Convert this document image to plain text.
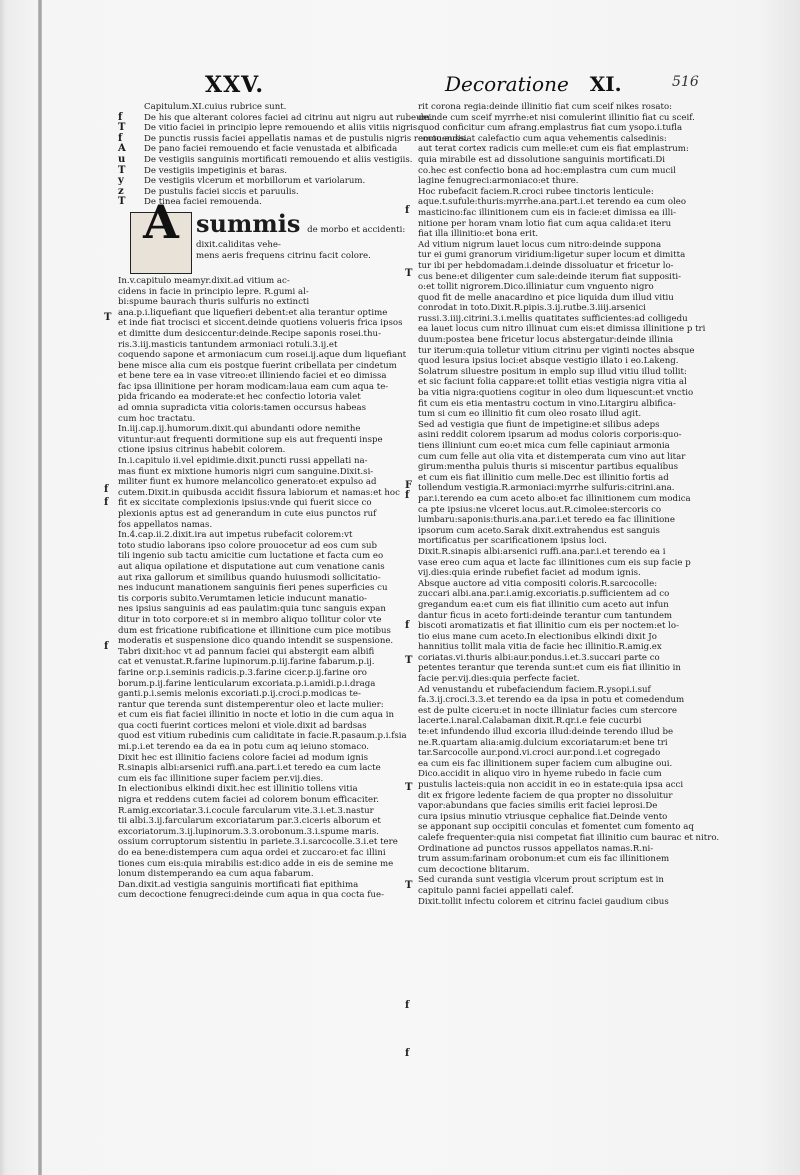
XXV.	Decoratione XI.	516
Capitulum.XI.cuius rubrice sunt.
f	De his que alterant colores faciei ad citrinu aut nigru aut rubeum.
T De vitio faciei in principio lepre remouendo et aliis vitiis nigris.
f	De punctis russis faciei appellatis namas et de pustulis nigris remouendis.
A De pano faciei remouendo et facie venustada et albificada
u De vestigiis sanguinis mortificati remouendo et aliis vestigiis.
T De vestigiis impetiginis et baras.
y De vestigiis vlcerum et morbillorum et variolarum.
z De pustulis faciei siccis et paruulis.
T De tinea faciei remouenda.
A summis de morbo et accidenti:
dixit.caliditas vehe-
mens aeris frequens citrinu facit colore.
In.v.capitulo meamyr.dixit.ad vitium ac-
cidens in facie in principio lepre. R.gumi al-
bi:spume baurach thuris sulfuris no extincti
ana.p.i.liquefiant que liquefieri debent:et alia terantur optime
et inde fiat trocisci et siccent.deinde quotiens volueris frica ipsos
et dimitte dum desiccentur:deinde.Recipe saponis rosei.thu-
ris.3.iij.masticis tantundem armoniaci rotuli.3.ij.et
coquendo sapone et armoniacum cum rosei.ij.aque dum liquefiant
bene misce alia cum eis postque fuerint cribellata per cindetum
et bene tere ea in vase vitreo:et illiniendo faciei et eo dimissa
fac ipsa illinitione per horam modicam:laua eam cum aqua te-
pida fricando ea moderate:et hec confectio lotoria valet
ad omnia supradicta vitia coloris:tamen occursus habeas
cum hoc tractatu.
In.iij.cap.ij.humorum.dixit.qui abundanti odore nemithe
vituntur:aut frequenti dormitione sup eis aut frequenti inspe
ctione ipsius citrinus habebit colorem.
In.i.capitulo ii.vel epidimie.dixit.puncti russi appellati na-
mas fiunt ex mixtione humoris nigri cum sanguine.Dixit.si-
militer fiunt ex humore melancolico generato:et expulso ad
cutem.Dixit.in quibusda accidit fissura labiorum et namas:et hoc
fit ex siccitate complexionis ipsius:vnde qui fuerit sicce co
plexionis aptus est ad generandum in cute eius punctos ruf
fos appellatos namas.
In.4.cap.ii.2.dixit.ira aut impetus rubefacit colorem:vt
toto studio laborans ipso colore prouocetur ad eos cum sub
tili ingenio sub tactu amicitie cum luctatione et facta cum eo
aut aliqua opilatione et disputatione aut cum venatione canis
aut rixa gallorum et similibus quando huiusmodi sollicitatio-
nes inducunt manationem sanguinis fieri penes superficies cu
tis corporis subito.Verumtamen leticie inducunt manatio-
nes ipsius sanguinis ad eas paulatim:quia tunc sanguis expan
ditur in toto corpore:et si in membro aliquo tollitur color vte
dum est fricatione rubificatione et illinitione cum pice motibus
moderatis et suspensione dico quando intendit se suspensione.
Tabri dixit:hoc vt ad pannum faciei qui abstergit eam albifi
cat et venustat.R.farine lupinorum.p.iij.farine fabarum.p.ij.
farine or.p.i.seminis radicis.p.3.farine cicer.p.ij.farine oro
borum.p.ij.farine lenticularum excoriata.p.i.amidi.p.i.draga
ganti.p.i.semis melonis excoriati.p.ij.croci.p.modicas te-
rantur que terenda sunt distemperentur oleo et lacte mulier:
et cum eis fiat faciei illinitio in nocte et lotio in die cum aqua in
qua cocti fuerint cortices meloni et viole.dixit ad bardsas
quod est vitium rubedinis cum caliditate in facie.R.pasaum.p.i.fsia
mi.p.i.et terendo ea da ea in potu cum aq ieiuno stomaco.
Dixit hec est illinitio faciens colore faciei ad modum ignis
R.sinapis albi:arsenici ruffi.ana.part.i.et teredo ea cum lacte
cum eis fac illinitione super faciem per.vij.dies.
In electionibus elkindi dixit.hec est illinitio tollens vitia
nigra et reddens cutem faciei ad colorem bonum efficaciter.
R.amig.excoriatar.3.i.cocule farcularum vite.3.i.et.3.nastur
tii albi.3.ij.farcularum excoriatarum par.3.ciceris alborum et
excoriatorum.3.ij.lupinorum.3.3.orobonum.3.i.spume maris.
ossium corruptorum sistentiu in pariete.3.i.sarcocolle.3.i.et tere
do ea bene:distempera cum aqua ordei et zuccaro:et fac illini
tiones cum eis:quia mirabilis est:dico adde in eis de semine me
lonum distemperando ea cum aqua fabarum.
Dan.dixit.ad vestigia sanguinis mortificati fiat epithima
cum decoctione fenugreci:deinde cum aqua in qua cocta fue-
rit corona regia:deinde illinitio fiat cum sceif nikes rosato:
deinde cum sceif myrrhe:et nisi comulerint illinitio fiat cu sceif.
quod conficitur cum afrang.emplastrus fiat cum ysopo.i.tufla
cocto:aussiat calefactio cum aqua vehementis calsedinis:
aut terat cortex radicis cum melle:et cum eis fiat emplastrum:
quia mirabile est ad dissolutione sanguinis mortificati.Di
co.hec est confectio bona ad hoc:emplastra cum cum mucil
lagine fenugreci:armoniaco:et thure.
Hoc rubefacit faciem.R.croci rubee tinctoris lenticule:
aque.t.sufule:thuris:myrrhe.ana.part.i.et terendo ea cum oleo
masticino:fac illinitionem cum eis in facie:et dimissa ea illi-
nitione per horam vnam lotio fiat cum aqua calida:et iteru
fiat illa illinitio:et bona erit.
Ad vitium nigrum lauet locus cum nitro:deinde suppona
tur ei gumi granorum viridium:ligetur super locum et dimitta
tur ibi per hebdomadam.i.deinde dissoluatur et fricetur lo-
cus bene:et diligenter cum sale:deinde iterum fiat suppositi-
o:et tollit nigrorem.Dico.illiniatur cum vnguento nigro
quod fit de melle anacardino et pice liquida dum illud vitiu
conrodat in toto.Dixit.R.pipis.3.ij.rutbe.3.iiij.arsenici
russi.3.iiij.citrini.3.i.mellis quatitates sufficientes:ad colligedu
ea lauet locus cum nitro illinuat cum eis:et dimissa illinitione p tri
duum:postea bene fricetur locus abstergatur:deinde illinia
tur iterum:quia tolletur vitium citrinu per viginti noctes absque
quod lesura ipsius loci:et absque vestigio illato i eo.Lakeng.
Solatrum siluestre positum in emplo sup illud vitiu illud tollit:
et sic faciunt folia cappare:et tollit etias vestigia nigra vitia al
ba vitia nigra:quotiens cogitur in oleo dum liquescunt:et vnctio
fit cum eis etia mentastru coctum in vino.Litargiru albifica-
tum si cum eo illinitio fit cum oleo rosato illud agit.
Sed ad vestigia que fiunt de impetigine:et silibus adeps
asini reddit colorem ipsarum ad modus coloris corporis:quo-
tiens illiniunt cum eo:et mica cum felle capiniaut armonia
cum cum felle aut olia vita et distemperata cum vino aut litar
girum:mentha puluis thuris si miscentur partibus equalibus
et cum eis fiat illinitio cum melle.Dec est illinitio fortis ad
tollendum vestigia.R.armoniaci:myrrhe sulfuris:citrini.ana.
par.i.terendo ea cum aceto albo:et fac illinitionem cum modica
ca pte ipsius:ne vlceret locus.aut.R.cimolee:stercoris co
lumbaru:saponis:thuris.ana.par.i.et teredo ea fac illinitione
ipsorum cum aceto.Sarak dixit.extrahendus est sanguis
mortificatus per scarificationem ipsius loci.
Dixit.R.sinapis albi:arsenici ruffi.ana.par.i.et terendo ea i
vase ereo cum aqua et lacte fac illinitiones cum eis sup facie p
vij.dies:quia erinde rubefiet faciet ad modum ignis.
Absque auctore ad vitia compositi coloris.R.sarcocolle:
zuccari albi.ana.par.i.amig.excoriatis.p.sufficientem ad co
gregandum ea:et cum eis fiat illinitio cum aceto aut infun
dantur ficus in aceto forti:deinde terantur cum tantundem
biscoti aromatizatis et fiat illinitio cum eis per noctem:et lo-
tio eius mane cum aceto.In electionibus elkindi dixit Jo
hannitius tollit mala vitia de facie hec illinitio.R.amig.ex
coriatas.vi.thuris albi:aur.pondus.i.et.3.succari parte co
petentes terantur que terenda sunt:et cum eis fiat illinitio in
facie per.vij.dies:quia perfecte faciet.
Ad venustandu et rubefaciendum faciem.R.ysopi.i.suf
fa.3.ij.croci.3.3.et terendo ea da ipsa in potu et comedendum
est de pulte ciceru:et in nocte illiniatur facies cum stercore
lacerte.i.naral.Calabaman dixit.R.qr.i.e feie cucurbi
te:et infundendo illud excoria illud:deinde terendo illud be
ne.R.quartam alia:amig.dulcium excoriatarum:et bene tri
tar.Sarcocolle aur.pond.vi.croci aur.pond.i.et cogregado
ea cum eis fac illinitionem super faciem cum albugine oui.
Dico.accidit in aliquo viro in hyeme rubedo in facie cum
pustulis lacteis:quia non accidit in eo in estate:quia ipsa acci
dit ex frigore ledente faciem de qua propter no dissoluitur
vapor:abundans que facies similis erit faciei leprosi.De
cura ipsius minutio vtriusque cephalice fiat.Deinde vento
se apponant sup occipitii conculas et fomentet cum fomento aq
calefe frequenter:quia nisi competat fiat illinitio cum baurac et nitro.
Ordinatione ad punctos russos appellatos namas.R.ni-
trum assum:farinam orobonum:et cum eis fac illinitionem
cum decoctione blitarum.
Sed curanda sunt vestigia vlcerum prout scriptum est in
capitulo panni faciei appellati calef.
Dixit.tollit infectu colorem et citrinu faciei gaudium cibus
T
f
f
f
f
T
F
f
f
T
T
T
f
f
